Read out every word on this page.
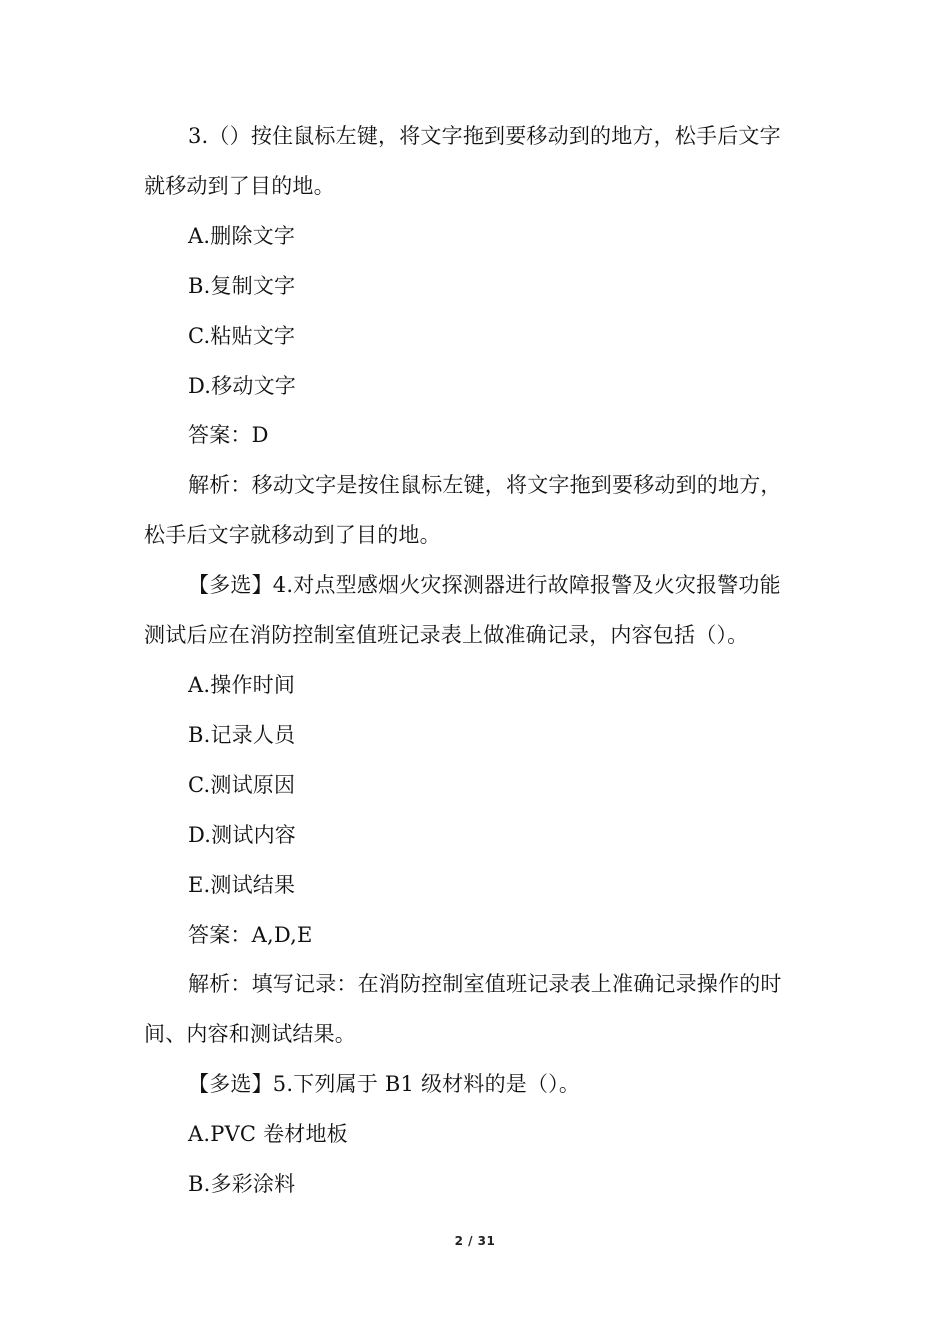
3.（）按住鼠标左键，将文字拖到要移动到的地方，松手后文字
就移动到了目的地。
A.删除文字
B.复制文字
C.粘贴文字
D.移动文字
答案：D
解析：移动文字是按住鼠标左键，将文字拖到要移动到的地方，
松手后文字就移动到了目的地。
【多选】4.对点型感烟火灾探测器进行故障报警及火灾报警功能
测试后应在消防控制室值班记录表上做准确记录，内容包括（）。
A.操作时间
B.记录人员
C.测试原因
D.测试内容
E.测试结果
答案：A,D,E
解析：填写记录：在消防控制室值班记录表上准确记录操作的时
间、内容和测试结果。
【多选】5.下列属于 B1 级材料的是（）。
A.PVC 卷材地板
B.多彩涂料
2 / 31
